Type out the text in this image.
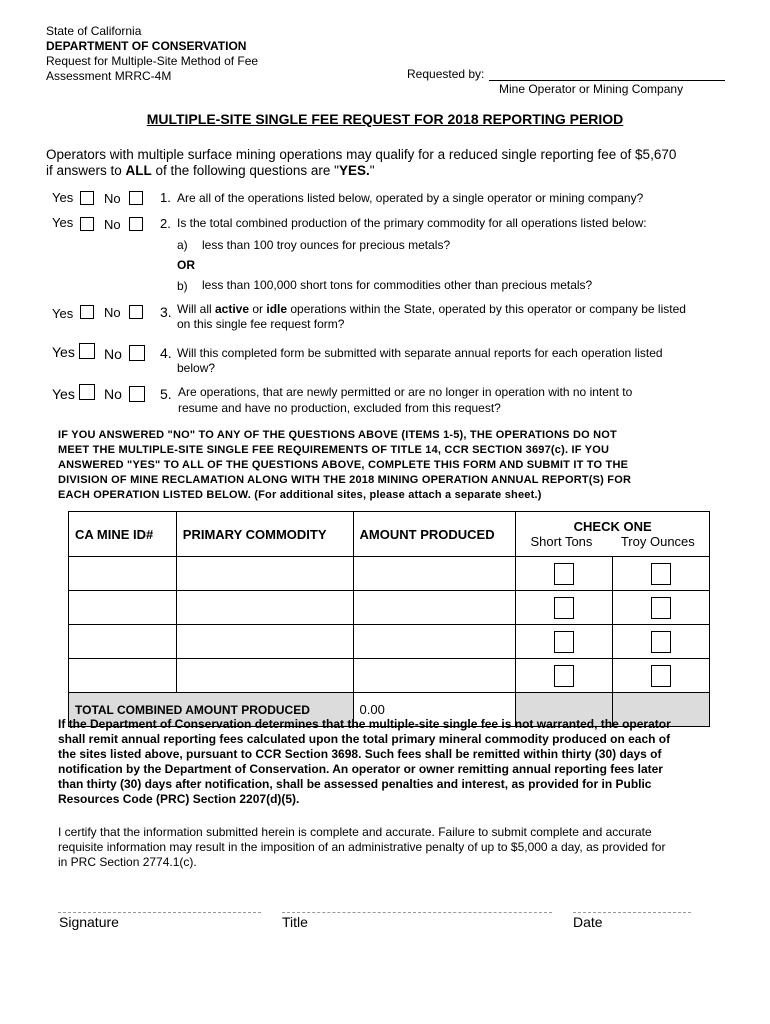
State of California
DEPARTMENT OF CONSERVATION
Request for Multiple-Site Method of Fee
Assessment MRRC-4M	Requested by:
Mine Operator or Mining Company
MULTIPLE-SITE SINGLE FEE REQUEST FOR 2018 REPORTING PERIOD
Operators with multiple surface mining operations may qualify for a reduced single reporting fee of $5,670
if answers to ALL of the following questions are "YES."
Yes No	1. Are all of the operations listed below, operated by a single operator or mining company?
Yes No	2. Is the total combined production of the primary commodity for all operations listed below:
a) less than 100 troy ounces for precious metals?
OR
b) less than 100,000 short tons for commodities other than precious metals?
Yes No	3. Will all active or idle operations within the State, operated by this operator or company be listed
on this single fee request form?
Yes No	4. Will this completed form be submitted with separate annual reports for each operation listed
below?
Yes No	5. Are operations, that are newly permitted or are no longer in operation with no intent to
resume and have no production, excluded from this request?
IF YOU ANSWERED "NO" TO ANY OF THE QUESTIONS ABOVE (ITEMS 1-5), THE OPERATIONS DO NOT
MEET THE MULTIPLE-SITE SINGLE FEE REQUIREMENTS OF TITLE 14, CCR SECTION 3697(c). IF YOU
ANSWERED "YES" TO ALL OF THE QUESTIONS ABOVE, COMPLETE THIS FORM AND SUBMIT IT TO THE
DIVISION OF MINE RECLAMATION ALONG WITH THE 2018 MINING OPERATION ANNUAL REPORT(S) FOR
EACH OPERATION LISTED BELOW. (For additional sites, please attach a separate sheet.)
CA MINE ID#	PRIMARY COMMODITY	AMOUNT PRODUCED	CHECK ONE
Short Tons Troy Ounces	

TOTAL COMBINED AMOUNT PRODUCED		0.00		
If the Department of Conservation determines that the multiple-site single fee is not warranted, the operator
shall remit annual reporting fees calculated upon the total primary mineral commodity produced on each of
the sites listed above, pursuant to CCR Section 3698. Such fees shall be remitted within thirty (30) days of
notification by the Department of Conservation. An operator or owner remitting annual reporting fees later
than thirty (30) days after notification, shall be assessed penalties and interest, as provided for in Public
Resources Code (PRC) Section 2207(d)(5).
I certify that the information submitted herein is complete and accurate. Failure to submit complete and accurate
requisite information may result in the imposition of an administrative penalty of up to $5,000 a day, as provided for
in PRC Section 2774.1(c).
Signature	Title	Date
